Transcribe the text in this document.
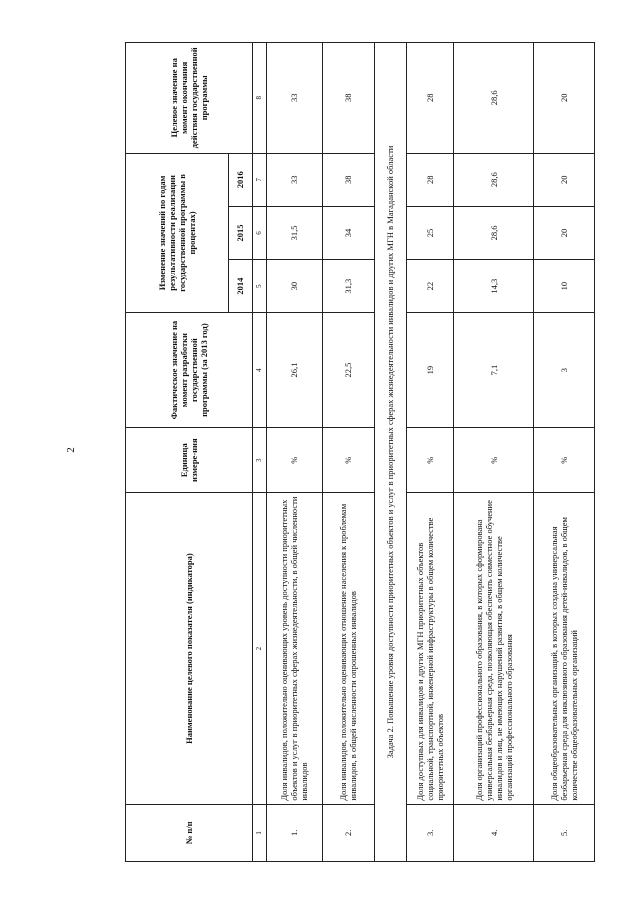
2
№ п/п	Наименование целевого показателя (индикатора)	Единица измере-ния	Фактическое значение на момент разработки государственной программы (за 2013 год)	Изменение значений по годам результативности реализации государственной программы в процентах)			Целевое значение на момент окончания действия государственной программы
				2014	2015	2016	
1	2	3	4	5	6	7	8
1.	Доля инвалидов, положительно оценивающих уровень доступности приоритетных объектов и услуг в приоритетных сферах жизнедеятельности, в общей численности инвалидов	%	26,1	30	31,5	33	33
2.	Доля инвалидов, положительно оценивающих отношение населения к проблемам инвалидов, в общей численности опрошенных инвалидов	%	22,5	31,3	34	38	38
Задача 2. Повышение уровня доступности приоритетных объектов и услуг в приоритетных сферах жизнедеятельности инвалидов и других МГН в Магаданской области							
3.	Доля доступных для инвалидов и других МГН приоритетных объектов социальной, транспортной, инженерной инфраструктуры в общем количестве приоритетных объектов	%	19	22	25	28	28
4.	Доля организаций профессионального образования, в которых сформирована универсальная безбарьерная среда, позволяющая обеспечить совместное обучение инвалидов и лиц, не имеющих нарушений развития, в общем количестве организаций профессионального образования	%	7,1	14,3	28,6	28,6	28,6
5.	Доля общеобразовательных организаций, в которых создана универсальная безбарьерная среда для инклюзивного образования детей-инвалидов, в общем количестве общеобразовательных организаций	%	3	10	20	20	20
